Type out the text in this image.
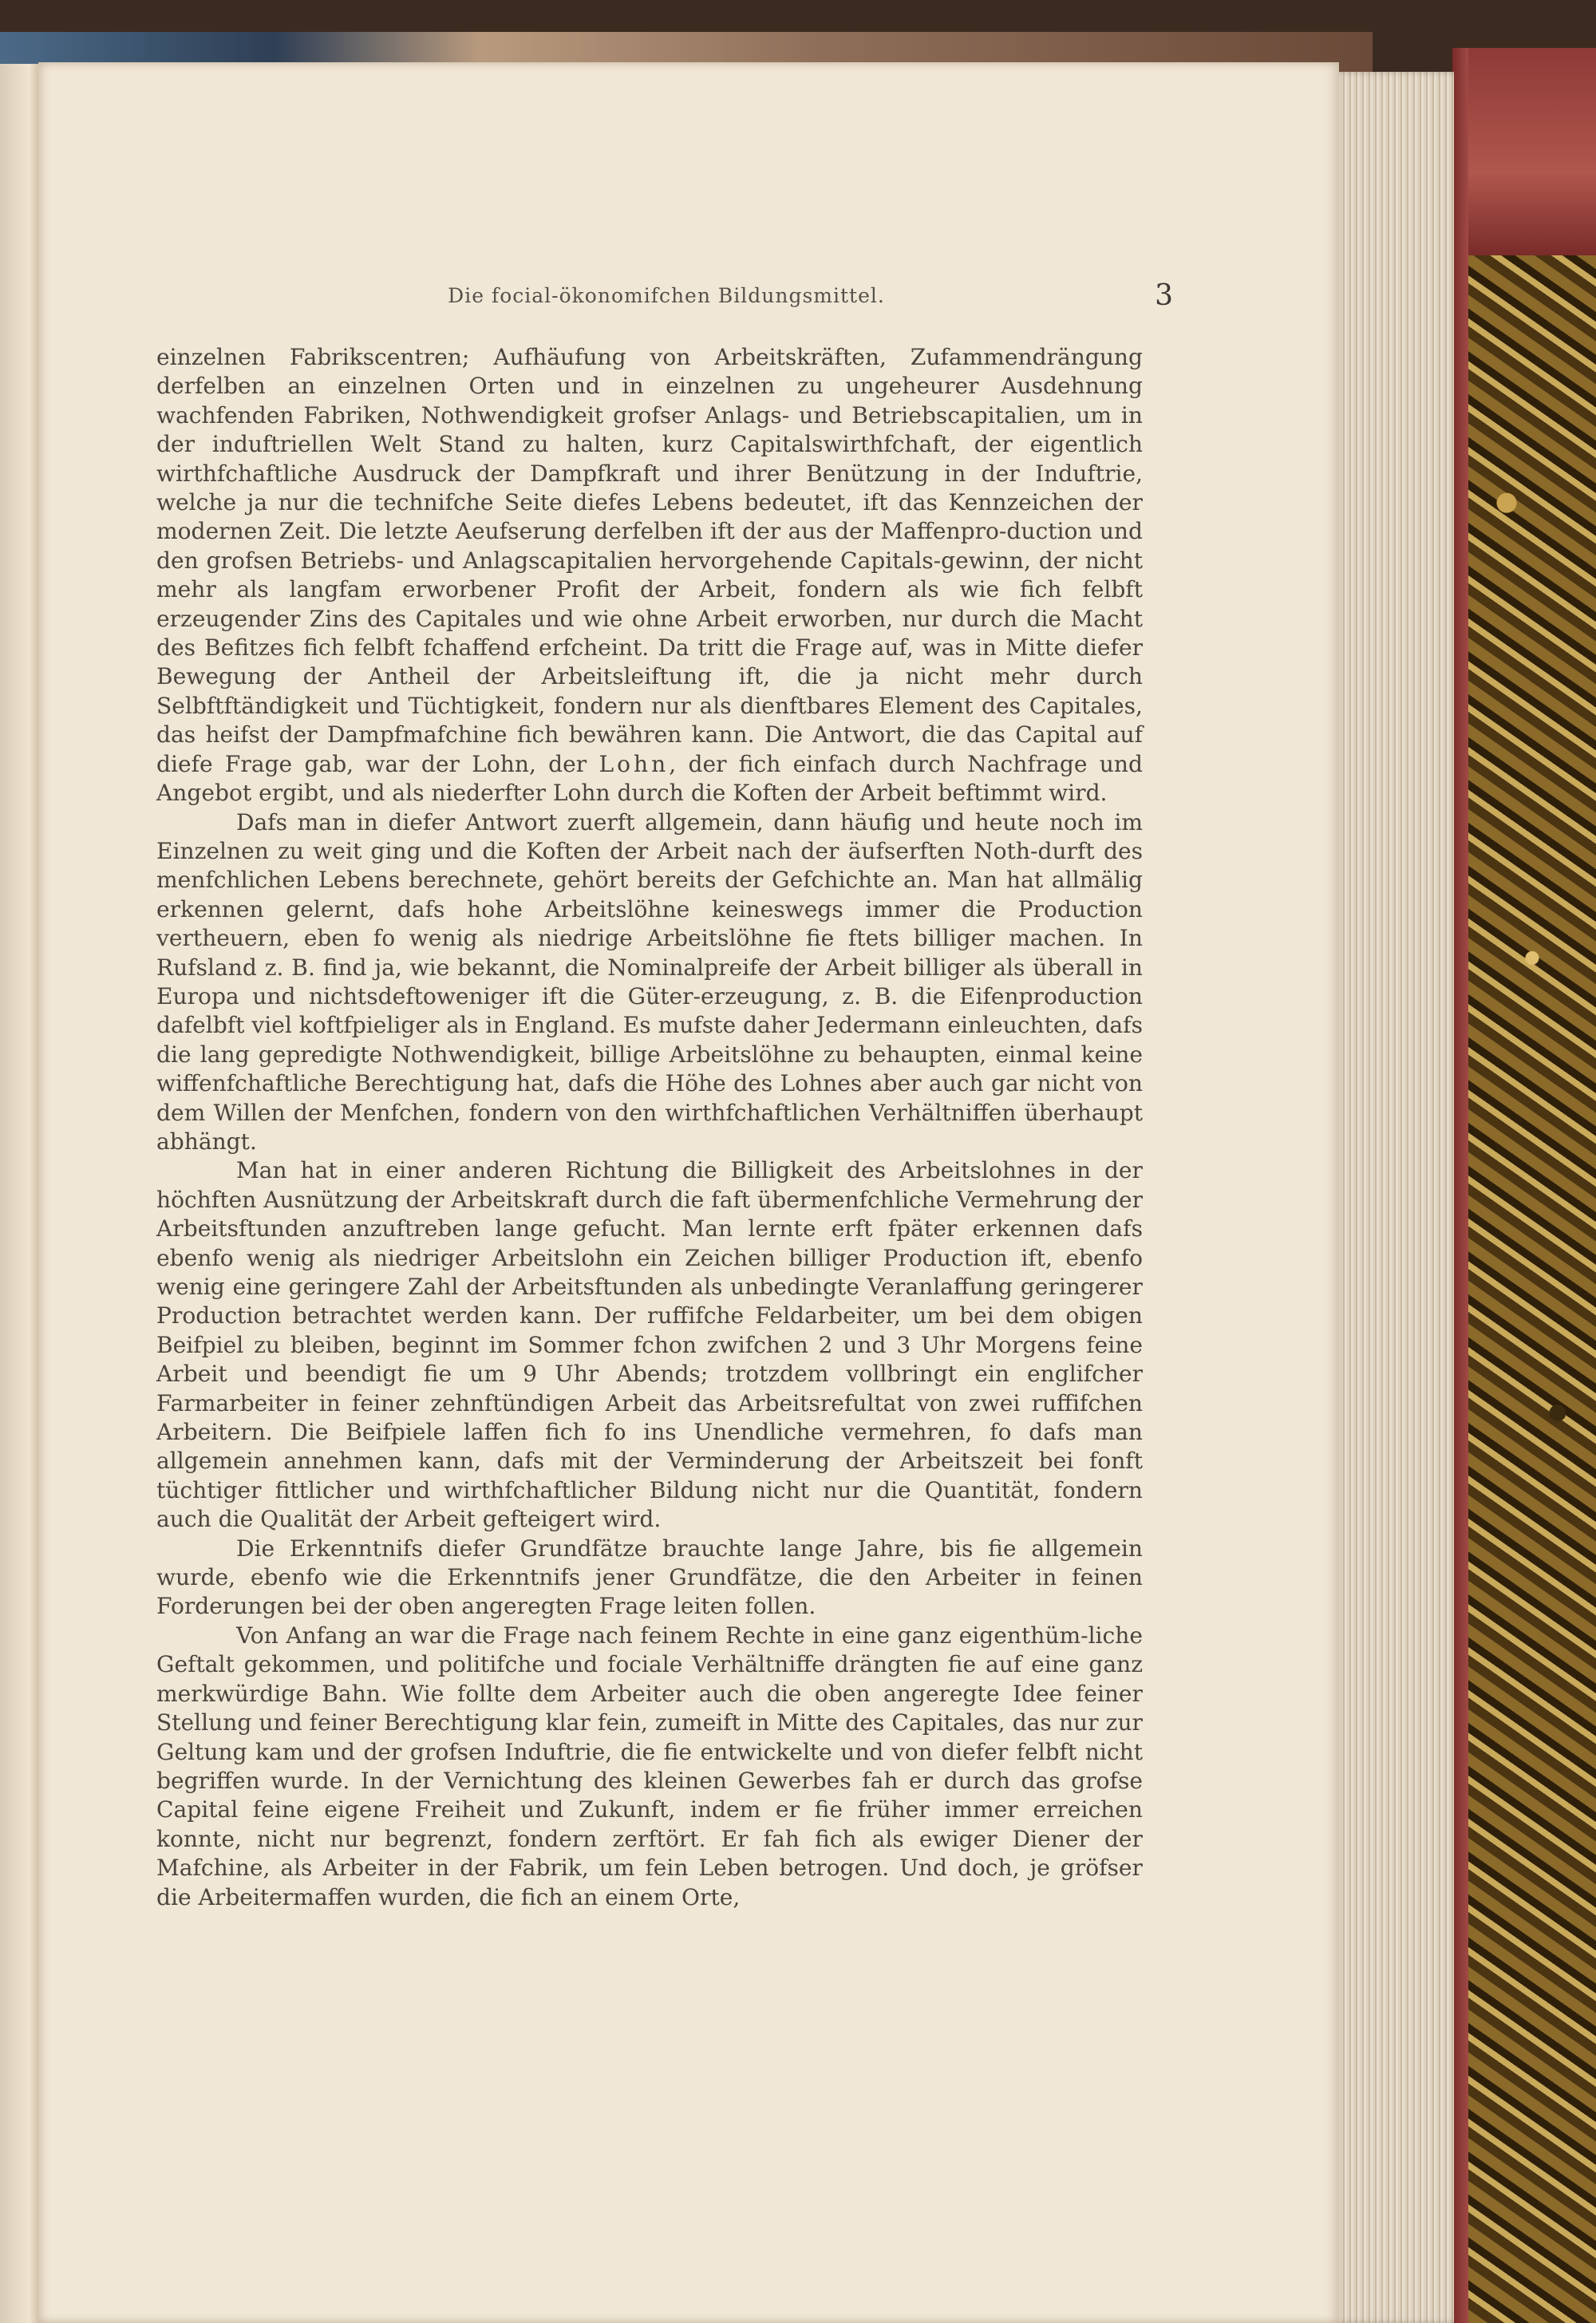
Die focial-ökonomifchen Bildungsmittel.	3

einzelnen Fabrikscentren; Aufhäufung von Arbeitskräften, Zufammendrängung derfelben an einzelnen Orten und in einzelnen zu ungeheurer Ausdehnung wachfenden Fabriken, Nothwendigkeit grofser Anlags- und Betriebscapitalien, um in der induftriellen Welt Stand zu halten, kurz Capitalswirthfchaft, der eigentlich wirthfchaftliche Ausdruck der Dampfkraft und ihrer Benützung in der Induftrie, welche ja nur die technifche Seite diefes Lebens bedeutet, ift das Kennzeichen der modernen Zeit. Die letzte Aeufserung derfelben ift der aus der Maffenpro-duction und den grofsen Betriebs- und Anlagscapitalien hervorgehende Capitals-gewinn, der nicht mehr als langfam erworbener Profit der Arbeit, fondern als wie fich felbft erzeugender Zins des Capitales und wie ohne Arbeit erworben, nur durch die Macht des Befitzes fich felbft fchaffend erfcheint. Da tritt die Frage auf, was in Mitte diefer Bewegung der Antheil der Arbeitsleiftung ift, die ja nicht mehr durch Selbftftändigkeit und Tüchtigkeit, fondern nur als dienftbares Element des Capitales, das heifst der Dampfmafchine fich bewähren kann. Die Antwort, die das Capital auf diefe Frage gab, war der Lohn, der Lohn, der fich einfach durch Nachfrage und Angebot ergibt, und als niederfter Lohn durch die Koften der Arbeit beftimmt wird.

Dafs man in diefer Antwort zuerft allgemein, dann häufig und heute noch im Einzelnen zu weit ging und die Koften der Arbeit nach der äufserften Noth-durft des menfchlichen Lebens berechnete, gehört bereits der Gefchichte an. Man hat allmälig erkennen gelernt, dafs hohe Arbeitslöhne keineswegs immer die Production vertheuern, eben fo wenig als niedrige Arbeitslöhne fie ftets billiger machen. In Rufsland z. B. find ja, wie bekannt, die Nominalpreife der Arbeit billiger als überall in Europa und nichtsdeftoweniger ift die Güter-erzeugung, z. B. die Eifenproduction dafelbft viel koftfpieliger als in England. Es mufste daher Jedermann einleuchten, dafs die lang gepredigte Nothwendigkeit, billige Arbeitslöhne zu behaupten, einmal keine wiffenfchaftliche Berechtigung hat, dafs die Höhe des Lohnes aber auch gar nicht von dem Willen der Menfchen, fondern von den wirthfchaftlichen Verhältniffen überhaupt abhängt.

Man hat in einer anderen Richtung die Billigkeit des Arbeitslohnes in der höchften Ausnützung der Arbeitskraft durch die faft übermenfchliche Vermehrung der Arbeitsftunden anzuftreben lange gefucht. Man lernte erft fpäter erkennen dafs ebenfo wenig als niedriger Arbeitslohn ein Zeichen billiger Production ift, ebenfo wenig eine geringere Zahl der Arbeitsftunden als unbedingte Veranlaffung geringerer Production betrachtet werden kann. Der ruffifche Feldarbeiter, um bei dem obigen Beifpiel zu bleiben, beginnt im Sommer fchon zwifchen 2 und 3 Uhr Morgens feine Arbeit und beendigt fie um 9 Uhr Abends; trotzdem vollbringt ein englifcher Farmarbeiter in feiner zehnftündigen Arbeit das Arbeitsrefultat von zwei ruffifchen Arbeitern. Die Beifpiele laffen fich fo ins Unendliche vermehren, fo dafs man allgemein annehmen kann, dafs mit der Verminderung der Arbeitszeit bei fonft tüchtiger fittlicher und wirthfchaftlicher Bildung nicht nur die Quantität, fondern auch die Qualität der Arbeit gefteigert wird.

Die Erkenntnifs diefer Grundfätze brauchte lange Jahre, bis fie allgemein wurde, ebenfo wie die Erkenntnifs jener Grundfätze, die den Arbeiter in feinen Forderungen bei der oben angeregten Frage leiten follen.

Von Anfang an war die Frage nach feinem Rechte in eine ganz eigenthüm-liche Geftalt gekommen, und politifche und fociale Verhältniffe drängten fie auf eine ganz merkwürdige Bahn. Wie follte dem Arbeiter auch die oben angeregte Idee feiner Stellung und feiner Berechtigung klar fein, zumeift in Mitte des Capitales, das nur zur Geltung kam und der grofsen Induftrie, die fie entwickelte und von diefer felbft nicht begriffen wurde. In der Vernichtung des kleinen Gewerbes fah er durch das grofse Capital feine eigene Freiheit und Zukunft, indem er fie früher immer erreichen konnte, nicht nur begrenzt, fondern zerftört. Er fah fich als ewiger Diener der Mafchine, als Arbeiter in der Fabrik, um fein Leben betrogen. Und doch, je gröfser die Arbeitermaffen wurden, die fich an einem Orte,
